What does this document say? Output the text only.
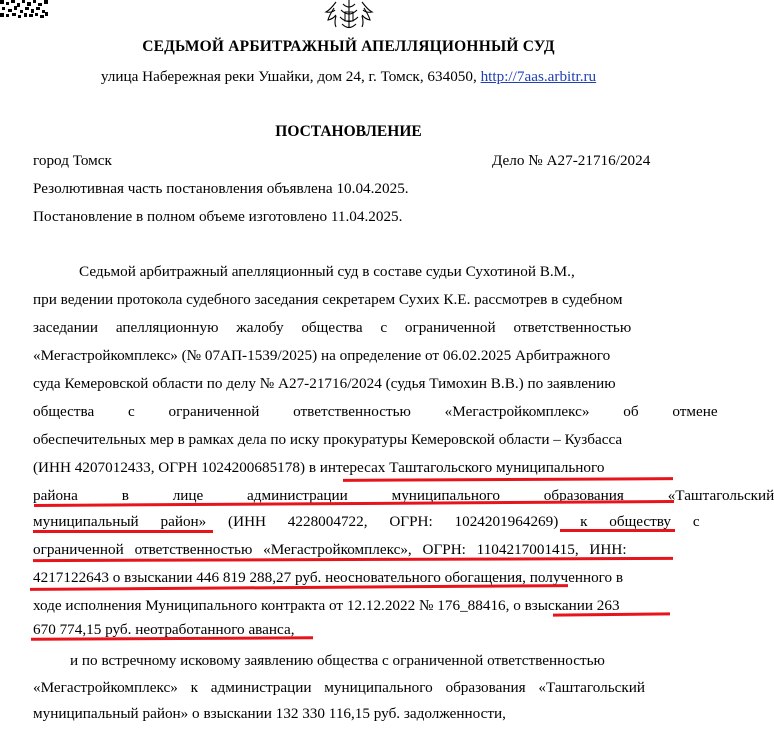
СЕДЬМОЙ АРБИТРАЖНЫЙ АПЕЛЛЯЦИОННЫЙ СУД
улица Набережная реки Ушайки, дом 24, г. Томск, 634050, http://7aas.arbitr.ru
ПОСТАНОВЛЕНИЕ
город Томск	Дело № А27-21716/2024
Резолютивная часть постановления объявлена 10.04.2025.
Постановление в полном объеме изготовлено 11.04.2025.
Седьмой арбитражный апелляционный суд в составе судьи Сухотиной В.М.,
при ведении протокола судебного заседания секретарем Сухих К.Е. рассмотрев в судебном
заседании апелляционную жалобу общества с ограниченной ответственностью
«Мегастройкомплекс» (№ 07АП-1539/2025) на определение от 06.02.2025 Арбитражного
суда Кемеровской области по делу № А27-21716/2024 (судья Тимохин В.В.) по заявлению
общества с ограниченной ответственностью «Мегастройкомплекс» об отмене
обеспечительных мер в рамках дела по иску прокуратуры Кемеровской области – Кузбасса
(ИНН 4207012433, ОГРН 1024200685178) в интересах Таштагольского муниципального
района в лице администрации муниципального образования «Таштагольский
муниципальный район» (ИНН 4228004722, ОГРН: 1024201964269) к обществу с
ограниченной ответственностью «Мегастройкомплекс», ОГРН: 1104217001415, ИНН:
4217122643 о взыскании 446 819 288,27 руб. неосновательного обогащения, полученного в
ходе исполнения Муниципального контракта от 12.12.2022 № 176_88416, о взыскании 263
670 774,15 руб. неотработанного аванса,
и по встречному исковому заявлению общества с ограниченной ответственностью
«Мегастройкомплекс» к администрации муниципального образования «Таштагольский
муниципальный район» о взыскании 132 330 116,15 руб. задолженности,
